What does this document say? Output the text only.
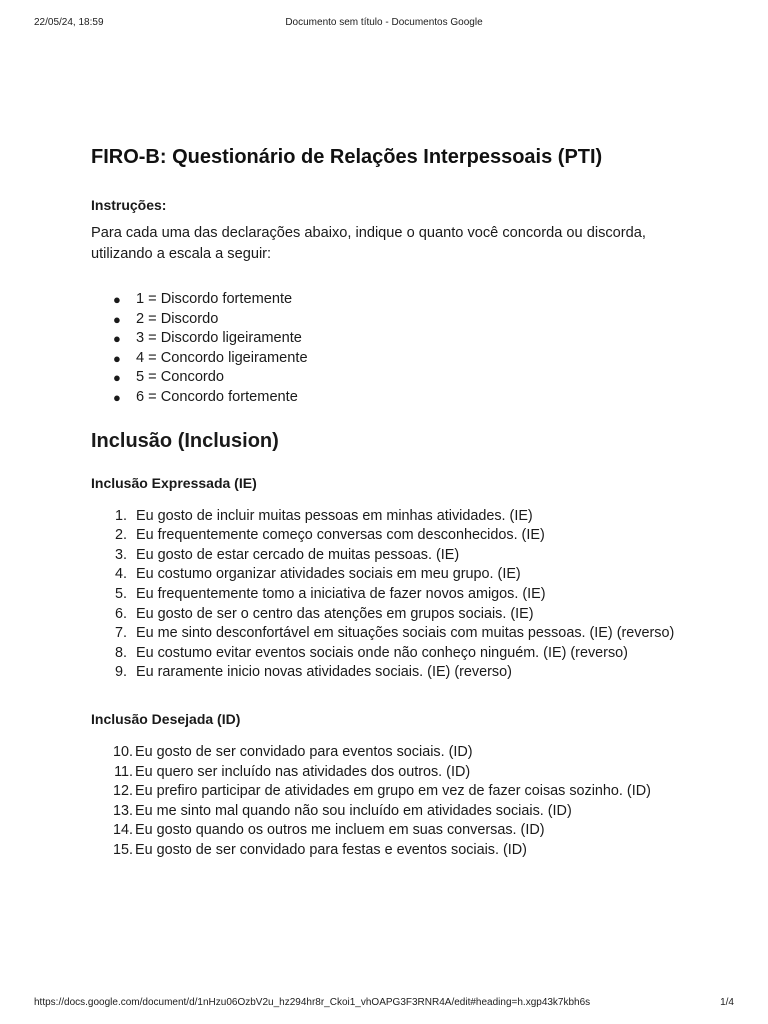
22/05/24, 18:59	Documento sem título - Documentos Google
FIRO-B: Questionário de Relações Interpessoais (PTI)
Instruções:

Para cada uma das declarações abaixo, indique o quanto você concorda ou discorda, utilizando a escala a seguir:

● 1 = Discordo fortemente
● 2 = Discordo
● 3 = Discordo ligeiramente
● 4 = Concordo ligeiramente
● 5 = Concordo
● 6 = Concordo fortemente
Inclusão (Inclusion)
Inclusão Expressada (IE)
1. Eu gosto de incluir muitas pessoas em minhas atividades. (IE)
2. Eu frequentemente começo conversas com desconhecidos. (IE)
3. Eu gosto de estar cercado de muitas pessoas. (IE)
4. Eu costumo organizar atividades sociais em meu grupo. (IE)
5. Eu frequentemente tomo a iniciativa de fazer novos amigos. (IE)
6. Eu gosto de ser o centro das atenções em grupos sociais. (IE)
7. Eu me sinto desconfortável em situações sociais com muitas pessoas. (IE) (reverso)
8. Eu costumo evitar eventos sociais onde não conheço ninguém. (IE) (reverso)
9. Eu raramente inicio novas atividades sociais. (IE) (reverso)
Inclusão Desejada (ID)
10. Eu gosto de ser convidado para eventos sociais. (ID)
11. Eu quero ser incluído nas atividades dos outros. (ID)
12. Eu prefiro participar de atividades em grupo em vez de fazer coisas sozinho. (ID)
13. Eu me sinto mal quando não sou incluído em atividades sociais. (ID)
14. Eu gosto quando os outros me incluem em suas conversas. (ID)
15. Eu gosto de ser convidado para festas e eventos sociais. (ID)
https://docs.google.com/document/d/1nHzu06OzbV2u_hz294hr8r_Ckoi1_vhOAPG3F3RNR4A/edit#heading=h.xgp43k7kbh6s	1/4
